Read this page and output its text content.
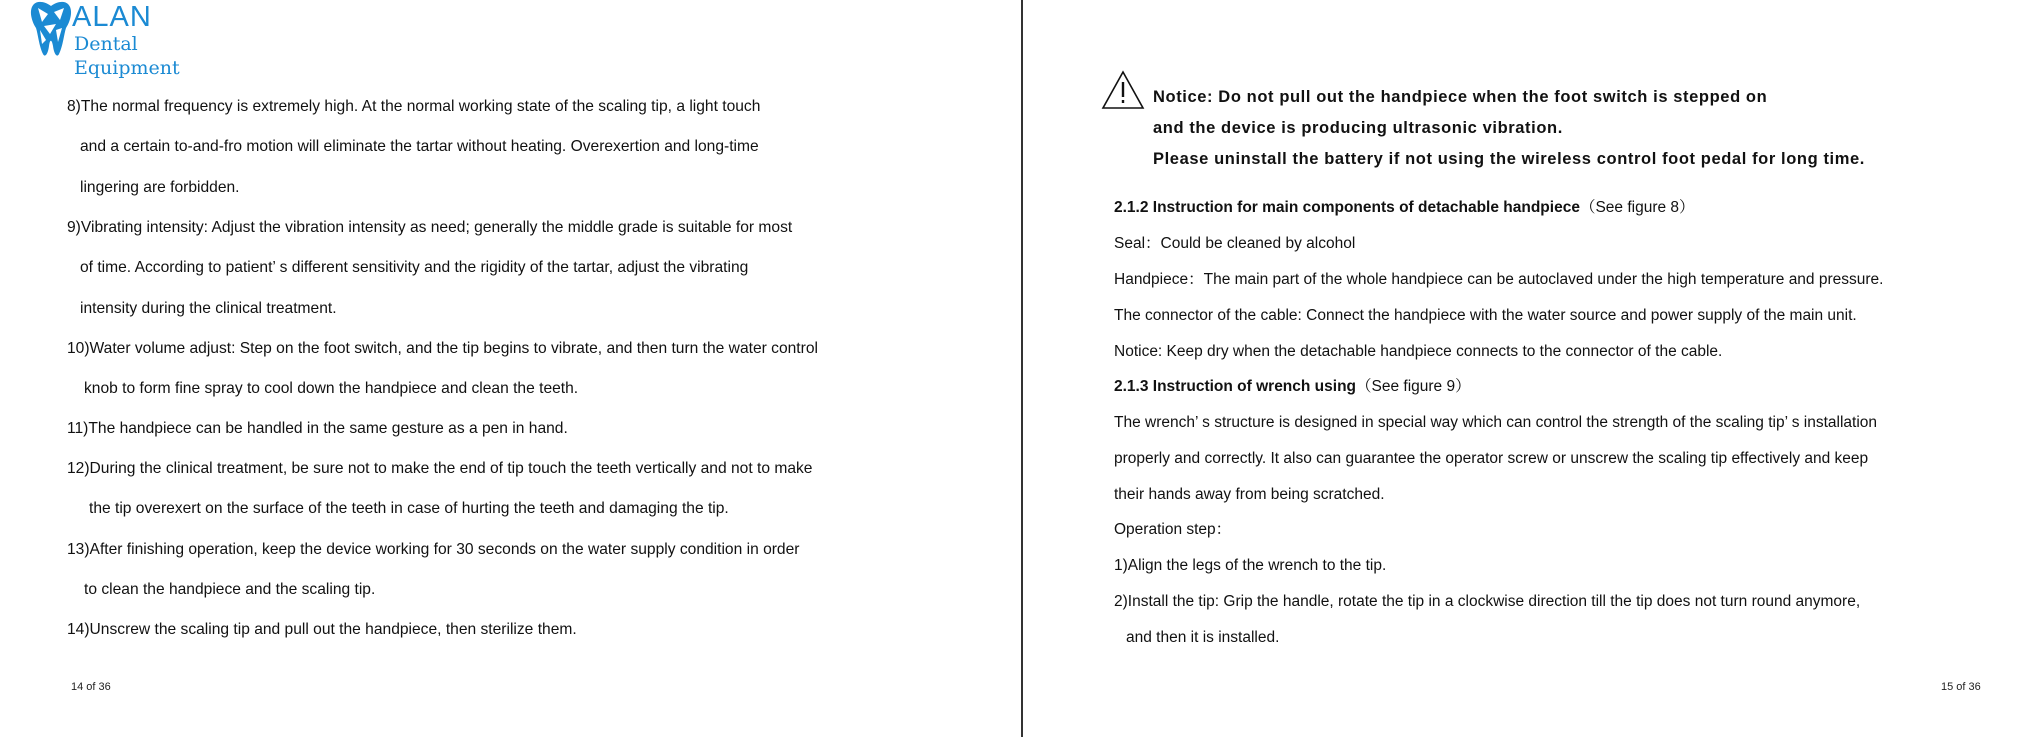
ALAN
Dental Equipment
8)The normal frequency is extremely high. At the normal working state of the scaling tip, a light touch
and a certain to-and-fro motion will eliminate the tartar without heating. Overexertion and long-time
lingering are forbidden.
9)Vibrating intensity: Adjust the vibration intensity as need; generally the middle grade is suitable for most
of time. According to patient’ s different sensitivity and the rigidity of the tartar, adjust the vibrating
intensity during the clinical treatment.
10)Water volume adjust: Step on the foot switch, and the tip begins to vibrate, and then turn the water control
knob to form fine spray to cool down the handpiece and clean the teeth.
11)The handpiece can be handled in the same gesture as a pen in hand.
12)During the clinical treatment, be sure not to make the end of tip touch the teeth vertically and not to make
the tip overexert on the surface of the teeth in case of hurting the teeth and damaging the tip.
13)After finishing operation, keep the device working for 30 seconds on the water supply condition in order
to clean the handpiece and the scaling tip.
14)Unscrew the scaling tip and pull out the handpiece, then sterilize them.
14 of 36
Notice: Do not pull out the handpiece when the foot switch is stepped on
and the device is producing ultrasonic vibration.
Please uninstall the battery if not using the wireless control foot pedal for long time.
2.1.2 Instruction for main components of detachable handpiece（See figure 8）
Seal：Could be cleaned by alcohol
Handpiece：The main part of the whole handpiece can be autoclaved under the high temperature and pressure.
The connector of the cable: Connect the handpiece with the water source and power supply of the main unit.
Notice: Keep dry when the detachable handpiece connects to the connector of the cable.
2.1.3 Instruction of wrench using（See figure 9）
The wrench’ s structure is designed in special way which can control the strength of the scaling tip’ s installation
properly and correctly. It also can guarantee the operator screw or unscrew the scaling tip effectively and keep
their hands away from being scratched.
Operation step：
1)Align the legs of the wrench to the tip.
2)Install the tip: Grip the handle, rotate the tip in a clockwise direction till the tip does not turn round anymore,
and then it is installed.
15 of 36
